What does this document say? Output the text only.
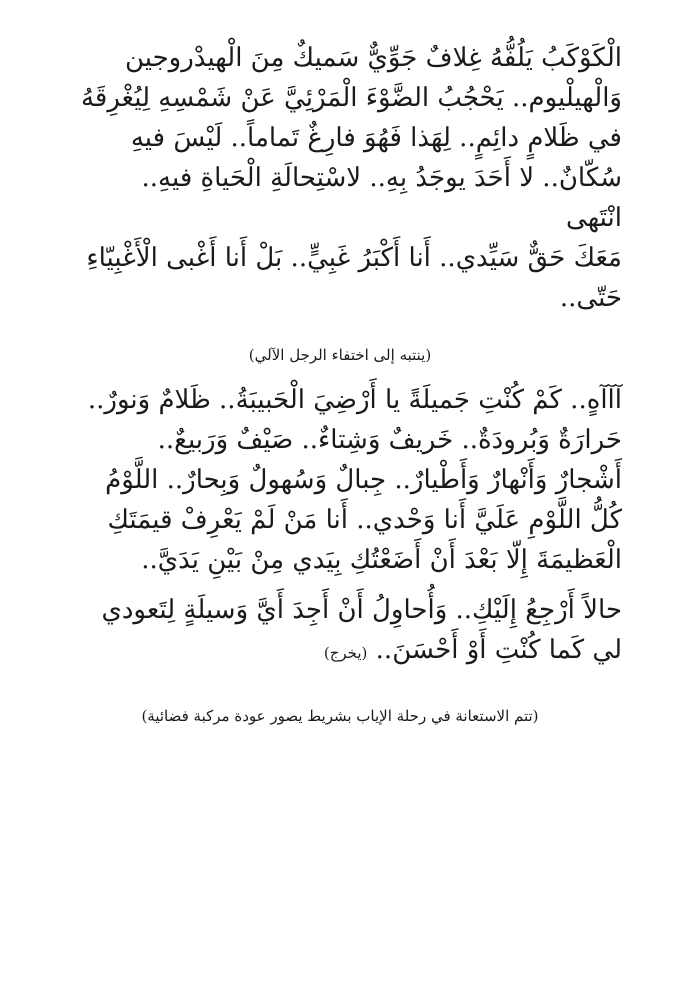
الْكَوْكَبُ يَلُفُّهُ غِلافٌ جَوِّيٌّ سَميكٌ مِنَ الْهيدْروجين

وَالْهيلْيوم.. يَحْجُبُ الضَّوْءَ الْمَرْئِيَّ عَنْ شَمْسِهِ لِيُغْرِقَهُ

في ظَلامٍ دائِمٍ.. لِهَذا فَهُوَ فارِغٌ تَماماً.. لَيْسَ فيهِ

سُكّانٌ.. لا أَحَدَ يوجَدُ بِهِ.. لاسْتِحالَةِ الْحَياةِ فيهِ..

انْتَهى

مَعَكَ حَقٌّ سَيِّدي.. أَنا أَكْبَرُ غَبِيٍّ.. بَلْ أَنا أَغْبى الْأَغْبِيّاءِ

حَتّى..

(ينتبه إلى اختفاء الرجل الآلي)

آآآهٍ.. كَمْ كُنْتِ جَميلَةً يا أَرْضِيَ الْحَبيبَةُ.. ظَلامٌ وَنورٌ..

حَرارَةٌ وَبُرودَةٌ.. خَريفٌ وَشِتاءٌ.. صَيْفٌ وَرَبيعٌ..

أَشْجارٌ وَأَنْهارٌ وَأَطْيارٌ.. جِبالٌ وَسُهولٌ وَبِحارٌ.. اللَّوْمُ

كُلُّ اللَّوْمِ عَلَيَّ أَنا وَحْدي.. أَنا مَنْ لَمْ يَعْرِفْ قيمَتَكِ

الْعَظيمَةَ إِلّا بَعْدَ أَنْ أَضَعْتُكِ بِيَدي مِنْ بَيْنِ يَدَيَّ..

حالاً أَرْجِعُ إِلَيْكِ.. وَأُحاوِلُ أَنْ أَجِدَ أَيَّ وَسيلَةٍ لِتَعودي

لي كَما كُنْتِ أَوْ أَحْسَنَ.. (يخرج)

(تتم الاستعانة في رحلة الإياب بشريط يصور عودة مركبة فضائية)
